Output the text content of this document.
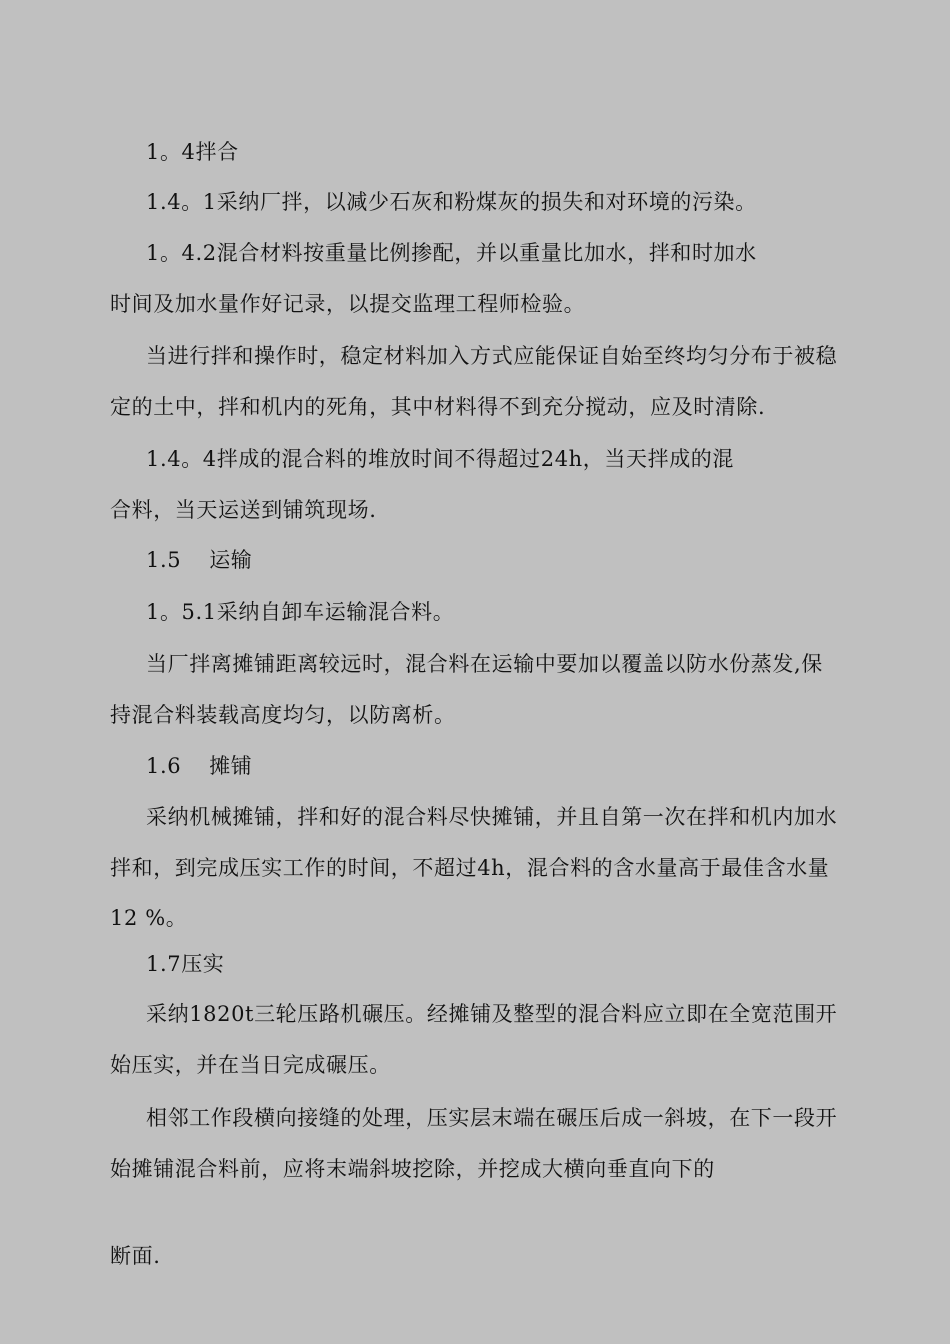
1。4拌合
1.4。1采纳厂拌，以减少石灰和粉煤灰的损失和对环境的污染。
1。4.2混合材料按重量比例掺配，并以重量比加水，拌和时加水
时间及加水量作好记录，以提交监理工程师检验。
当进行拌和操作时，稳定材料加入方式应能保证自始至终均匀分布于被稳
定的土中，拌和机内的死角，其中材料得不到充分搅动，应及时清除.
1.4。4拌成的混合料的堆放时间不得超过24h，当天拌成的混
合料，当天运送到铺筑现场.
1.5 运输
1。5.1采纳自卸车运输混合料。
当厂拌离摊铺距离较远时，混合料在运输中要加以覆盖以防水份蒸发,保
持混合料装载高度均匀，以防离析。
1.6 摊铺
采纳机械摊铺，拌和好的混合料尽快摊铺，并且自第一次在拌和机内加水
拌和，到完成压实工作的时间，不超过4h，混合料的含水量高于最佳含水量
12 %。
1.7压实
采纳1820t三轮压路机碾压。经摊铺及整型的混合料应立即在全宽范围开
始压实，并在当日完成碾压。
相邻工作段横向接缝的处理，压实层末端在碾压后成一斜坡，在下一段开
始摊铺混合料前，应将末端斜坡挖除，并挖成大横向垂直向下的
断面.
